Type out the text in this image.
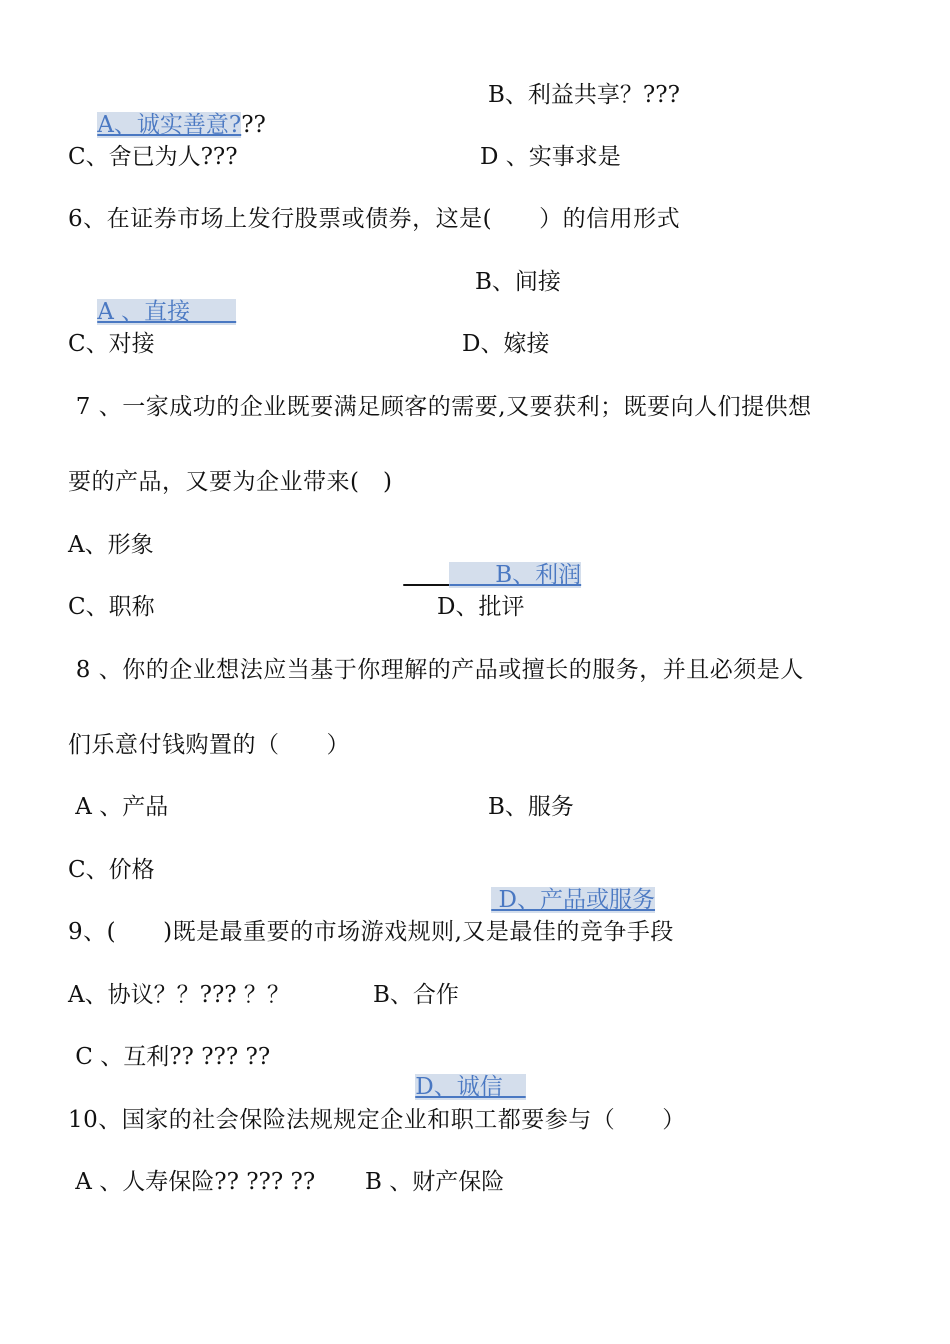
A、诚实善意???

B、利益共享？???
C、舍已为人???	D 、实事求是
6、在证券市场上发行股票或债券，这是(　　）的信用形式

A 、直接　　

B、间接
C、对接	D、嫁接
7 、一家成功的企业既要满足顾客的需要,又要获利；既要向人们提供想
要的产品，又要为企业带来(　)
A、形象

　　　　B、利润

C、职称	D、批评
8 、你的企业想法应当基于你理解的产品或擅长的服务，并且必须是人
们乐意付钱购置的（　　）
A 、产品	B、服务
C、价格

D、产品或服务

9、(　　)既是最重要的市场游戏规则,又是最佳的竞争手段
A、协议？？??? ？？	B、合作
C 、互利?? ??? ??

D、诚信　

10、国家的社会保险法规规定企业和职工都要参与（　　）
A 、人寿保险?? ??? ?? B 、财产保险
